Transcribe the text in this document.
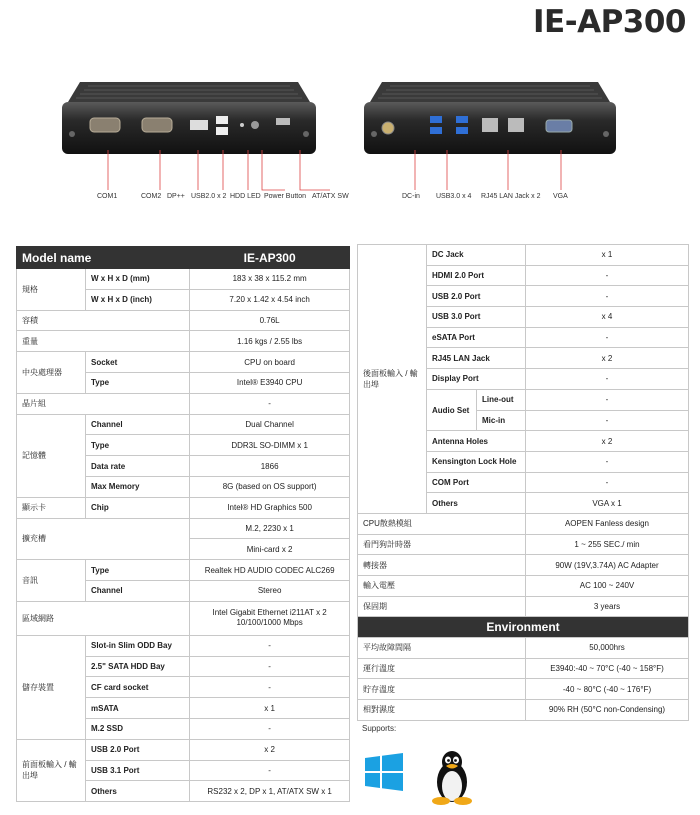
IE-AP300
COM1	COM2 DP++ USB2.0 x 2 HDD LED Power Button AT/ATX SW	DC-in USB3.0 x 4 RJ45 LAN Jack x 2 VGA
Model name		IE-AP300
規格	W x H x D (mm)	183 x 38 x 115.2 mm
	W x H x D (inch)	7.20 x 1.42 x 4.54 inch
容積		0.76L
重量		1.16 kgs / 2.55 lbs
中央處理器	Socket	CPU on board
	Type	Intel® E3940 CPU
晶片組		-
記憶體	Channel	Dual Channel
	Type	DDR3L SO-DIMM x 1
	Data rate	1866
	Max Memory	8G (based on OS support)
顯示卡	Chip	Intel® HD Graphics 500
擴充槽		M.2, 2230 x 1
		Mini-card x 2
音訊	Type	Realtek HD AUDIO CODEC ALC269
	Channel	Stereo
區域網路		Intel Gigabit Ethernet i211AT x 2
10/100/1000 Mbps
儲存裝置	Slot-in Slim ODD Bay	-
	2.5" SATA HDD Bay	-
	CF card socket	-
	mSATA	x 1
	M.2 SSD	-
前面板輸入 / 輸出埠	USB 2.0 Port	x 2
	USB 3.1 Port	-
	Others	RS232 x 2, DP x 1, AT/ATX SW x 1
後面板輸入 / 輸出埠	DC Jack		x 1
	HDMI 2.0 Port		-
	USB 2.0 Port		-
	USB 3.0 Port		x 4
	eSATA Port		-
	RJ45 LAN Jack		x 2
	Display Port		-
	Audio Set	Line-out	-
		Mic-in	-
	Antenna Holes		x 2
	Kensington Lock Hole		-
	COM Port		-
	Others		VGA x 1
CPU散熱模組			AOPEN Fanless design
看門狗計時器			1 ~ 255 SEC./ min
轉接器			90W (19V,3.74A) AC Adapter
輸入電壓			AC 100 ~ 240V
保固期			3 years
Environment			
平均故障間隔			50,000hrs
運行溫度			E3940:-40 ~ 70°C (-40 ~ 158°F)
貯存溫度			-40 ~ 80°C (-40 ~ 176°F)
相對濕度			90% RH (50°C non-Condensing)
Supports:
